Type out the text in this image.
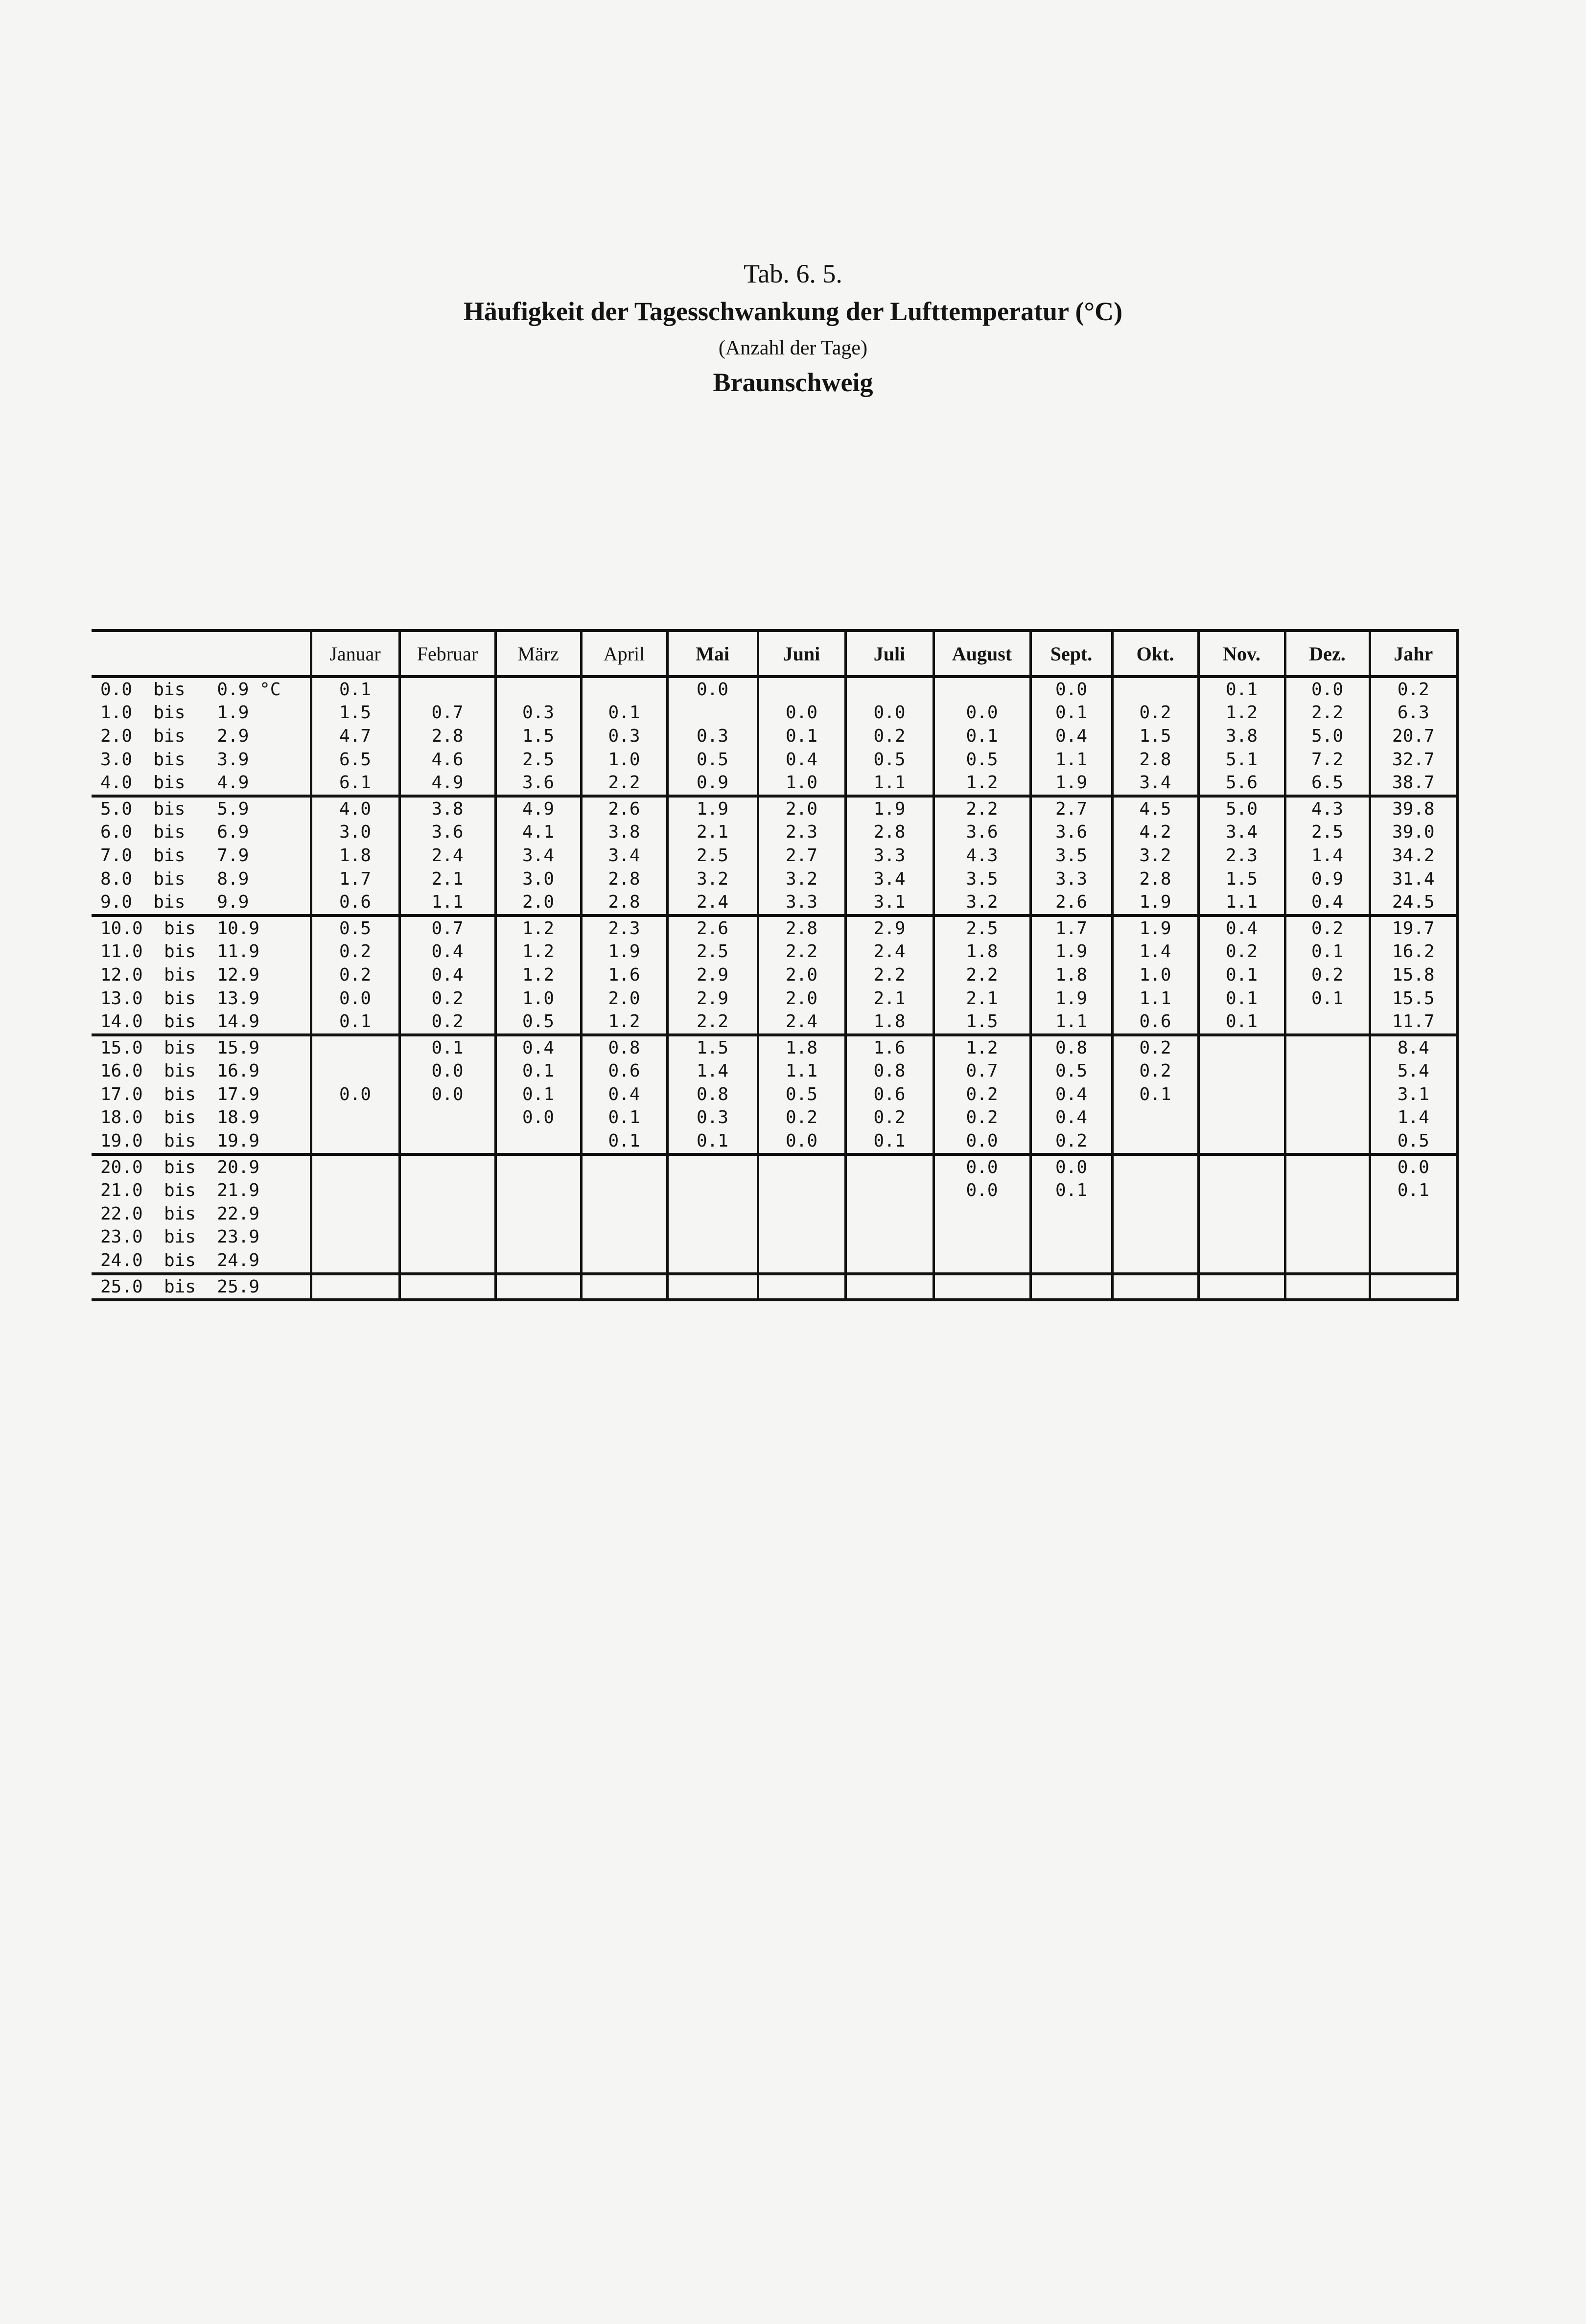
Tab. 6. 5.
Häufigkeit der Tagesschwankung der Lufttemperatur (°C)
(Anzahl der Tage)
Braunschweig
	Januar	Februar	März	April	Mai	Juni	Juli	August	Sept.	Okt.	Nov.	Dez.	Jahr
0.0  bis   0.9 °C	0.1				0.0				0.0		0.1	0.0	0.2
1.0  bis   1.9	1.5	0.7	0.3	0.1		0.0	0.0	0.0	0.1	0.2	1.2	2.2	6.3
2.0  bis   2.9	4.7	2.8	1.5	0.3	0.3	0.1	0.2	0.1	0.4	1.5	3.8	5.0	20.7
3.0  bis   3.9	6.5	4.6	2.5	1.0	0.5	0.4	0.5	0.5	1.1	2.8	5.1	7.2	32.7
4.0  bis   4.9	6.1	4.9	3.6	2.2	0.9	1.0	1.1	1.2	1.9	3.4	5.6	6.5	38.7
5.0  bis   5.9	4.0	3.8	4.9	2.6	1.9	2.0	1.9	2.2	2.7	4.5	5.0	4.3	39.8
6.0  bis   6.9	3.0	3.6	4.1	3.8	2.1	2.3	2.8	3.6	3.6	4.2	3.4	2.5	39.0
7.0  bis   7.9	1.8	2.4	3.4	3.4	2.5	2.7	3.3	4.3	3.5	3.2	2.3	1.4	34.2
8.0  bis   8.9	1.7	2.1	3.0	2.8	3.2	3.2	3.4	3.5	3.3	2.8	1.5	0.9	31.4
9.0  bis   9.9	0.6	1.1	2.0	2.8	2.4	3.3	3.1	3.2	2.6	1.9	1.1	0.4	24.5
10.0  bis  10.9	0.5	0.7	1.2	2.3	2.6	2.8	2.9	2.5	1.7	1.9	0.4	0.2	19.7
11.0  bis  11.9	0.2	0.4	1.2	1.9	2.5	2.2	2.4	1.8	1.9	1.4	0.2	0.1	16.2
12.0  bis  12.9	0.2	0.4	1.2	1.6	2.9	2.0	2.2	2.2	1.8	1.0	0.1	0.2	15.8
13.0  bis  13.9	0.0	0.2	1.0	2.0	2.9	2.0	2.1	2.1	1.9	1.1	0.1	0.1	15.5
14.0  bis  14.9	0.1	0.2	0.5	1.2	2.2	2.4	1.8	1.5	1.1	0.6	0.1		11.7
15.0  bis  15.9		0.1	0.4	0.8	1.5	1.8	1.6	1.2	0.8	0.2			8.4
16.0  bis  16.9		0.0	0.1	0.6	1.4	1.1	0.8	0.7	0.5	0.2			5.4
17.0  bis  17.9	0.0	0.0	0.1	0.4	0.8	0.5	0.6	0.2	0.4	0.1			3.1
18.0  bis  18.9			0.0	0.1	0.3	0.2	0.2	0.2	0.4				1.4
19.0  bis  19.9				0.1	0.1	0.0	0.1	0.0	0.2				0.5
20.0  bis  20.9								0.0	0.0				0.0
21.0  bis  21.9								0.0	0.1				0.1
22.0  bis  22.9													
23.0  bis  23.9													
24.0  bis  24.9													
25.0  bis  25.9													
